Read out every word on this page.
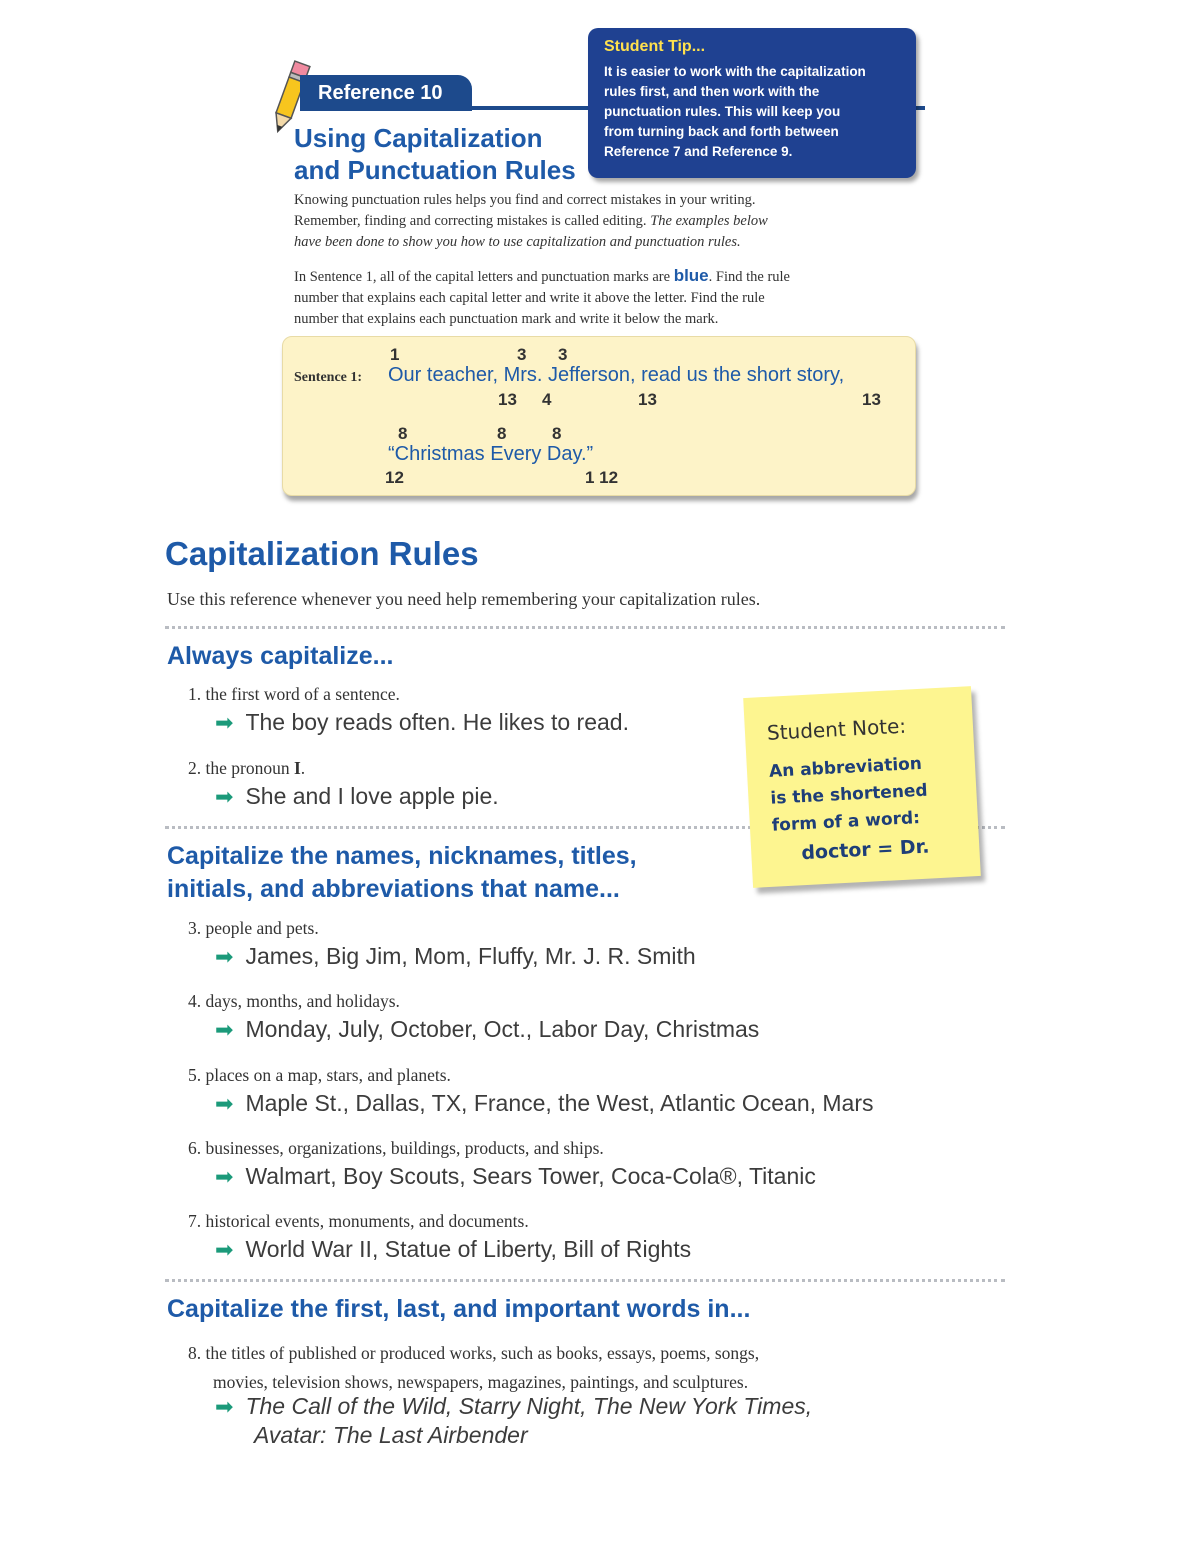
Reference 10
Using Capitalization
and Punctuation Rules
Student Tip...
It is easier to work with the capitalization
rules first, and then work with the
punctuation rules. This will keep you
from turning back and forth between
Reference 7 and Reference 9.
Knowing punctuation rules helps you find and correct mistakes in your writing.
Remember, finding and correcting mistakes is called editing. The examples below
have been done to show you how to use capitalization and punctuation rules.
In Sentence 1, all of the capital letters and punctuation marks are blue. Find the rule
number that explains each capital letter and write it above the letter. Find the rule
number that explains each punctuation mark and write it below the mark.
1	3 3
Sentence 1: Our teacher, Mrs. Jefferson, read us the short story,
13 4	13	13
8	8	8
“Christmas Every Day.”
12	1 12
Capitalization Rules
Use this reference whenever you need help remembering your capitalization rules.
Always capitalize...
1. the first word of a sentence.
➡ The boy reads often. He likes to read.
2. the pronoun I.
➡ She and I love apple pie.
Capitalize the names, nicknames, titles,
initials, and abbreviations that name...
3. people and pets.
➡ James, Big Jim, Mom, Fluffy, Mr. J. R. Smith
4. days, months, and holidays.
➡ Monday, July, October, Oct., Labor Day, Christmas
5. places on a map, stars, and planets.
➡ Maple St., Dallas, TX, France, the West, Atlantic Ocean, Mars
6. businesses, organizations, buildings, products, and ships.
➡ Walmart, Boy Scouts, Sears Tower, Coca-Cola®, Titanic
7. historical events, monuments, and documents.
➡ World War II, Statue of Liberty, Bill of Rights
Capitalize the first, last, and important words in...
8. the titles of published or produced works, such as books, essays, poems, songs,
movies, television shows, newspapers, magazines, paintings, and sculptures.
➡ The Call of the Wild, Starry Night, The New York Times,
Avatar: The Last Airbender
Student Note:
An abbreviation
is the shortened
form of a word:
doctor = Dr.
